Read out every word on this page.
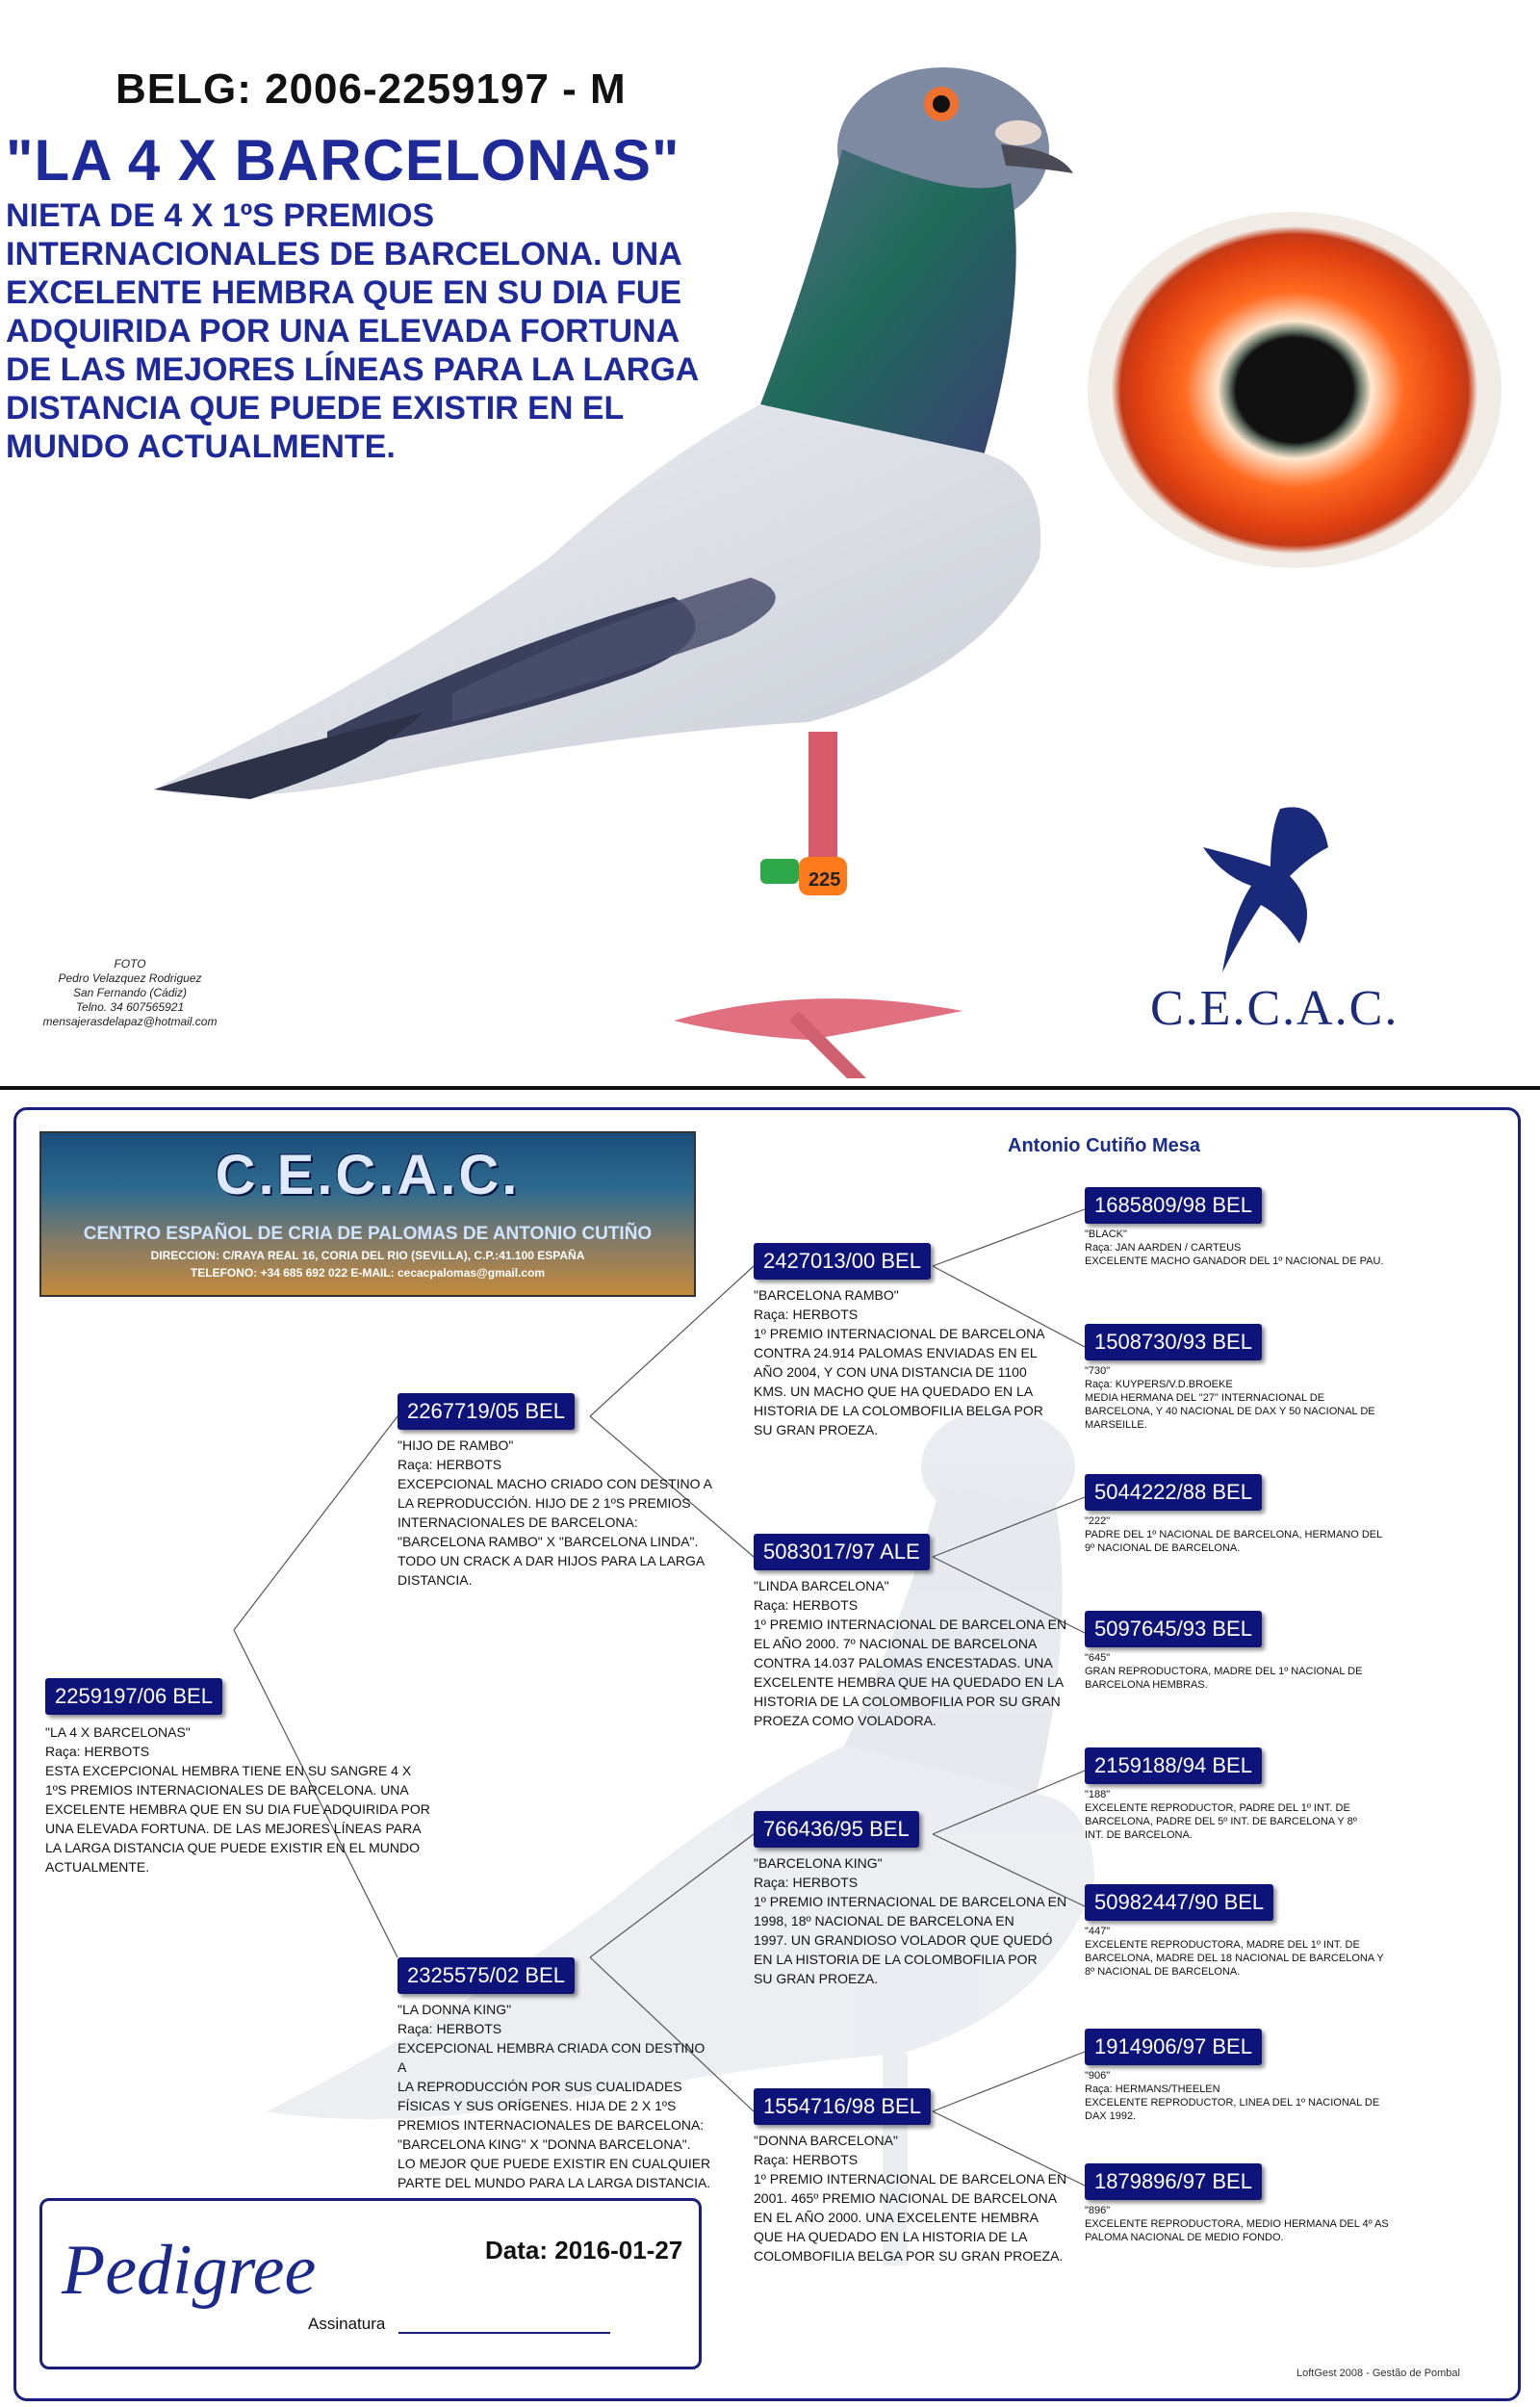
BELG: 2006-2259197 - M
"LA 4 X BARCELONAS"
NIETA DE 4 X 1ºS PREMIOS
INTERNACIONALES DE BARCELONA. UNA
EXCELENTE HEMBRA QUE EN SU DIA FUE
ADQUIRIDA POR UNA ELEVADA FORTUNA
DE LAS MEJORES LÍNEAS PARA LA LARGA
DISTANCIA QUE PUEDE EXISTIR EN EL
MUNDO ACTUALMENTE.
225
C.E.C.A.C.
FOTO
Pedro Velazquez Rodriguez
San Fernando (Cádiz)
Telno. 34 607565921
mensajerasdelapaz@hotmail.com
C.E.C.A.C.
CENTRO ESPAÑOL DE CRIA DE PALOMAS DE ANTONIO CUTIÑO
DIRECCION: C/RAYA REAL 16, CORIA DEL RIO (SEVILLA), C.P.:41.100 ESPAÑA
TELEFONO: +34 685 692 022 E-MAIL: cecacpalomas@gmail.com
Antonio Cutiño Mesa
2259197/06 BEL
"LA 4 X BARCELONAS"
Raça: HERBOTS
ESTA EXCEPCIONAL HEMBRA TIENE EN SU SANGRE 4 X
1ºS PREMIOS INTERNACIONALES DE BARCELONA. UNA
EXCELENTE HEMBRA QUE EN SU DIA FUE ADQUIRIDA POR
UNA ELEVADA FORTUNA. DE LAS MEJORES LÍNEAS PARA
LA LARGA DISTANCIA QUE PUEDE EXISTIR EN EL MUNDO
ACTUALMENTE.
2267719/05 BEL
"HIJO DE RAMBO"
Raça: HERBOTS
EXCEPCIONAL MACHO CRIADO CON DESTINO A
LA REPRODUCCIÓN. HIJO DE 2 1ºS PREMIOS
INTERNACIONALES DE BARCELONA:
"BARCELONA RAMBO" X "BARCELONA LINDA".
TODO UN CRACK A DAR HIJOS PARA LA LARGA
DISTANCIA.
2325575/02 BEL
"LA DONNA KING"
Raça: HERBOTS
EXCEPCIONAL HEMBRA CRIADA CON DESTINO A
LA REPRODUCCIÓN POR SUS CUALIDADES
FÍSICAS Y SUS ORÍGENES. HIJA DE 2 X 1ºS
PREMIOS INTERNACIONALES DE BARCELONA:
"BARCELONA KING" X "DONNA BARCELONA".
LO MEJOR QUE PUEDE EXISTIR EN CUALQUIER
PARTE DEL MUNDO PARA LA LARGA DISTANCIA.
2427013/00 BEL
"BARCELONA RAMBO"
Raça: HERBOTS
1º PREMIO INTERNACIONAL DE BARCELONA
CONTRA 24.914 PALOMAS ENVIADAS EN EL
AÑO 2004, Y CON UNA DISTANCIA DE 1100
KMS. UN MACHO QUE HA QUEDADO EN LA
HISTORIA DE LA COLOMBOFILIA BELGA POR
SU GRAN PROEZA.
5083017/97 ALE
"LINDA BARCELONA"
Raça: HERBOTS
1º PREMIO INTERNACIONAL DE BARCELONA EN
EL AÑO 2000. 7º NACIONAL DE BARCELONA
CONTRA 14.037 PALOMAS ENCESTADAS. UNA
EXCELENTE HEMBRA QUE HA QUEDADO EN LA
HISTORIA DE LA COLOMBOFILIA POR SU GRAN
PROEZA COMO VOLADORA.
766436/95 BEL
"BARCELONA KING"
Raça: HERBOTS
1º PREMIO INTERNACIONAL DE BARCELONA EN
1998, 18º NACIONAL DE BARCELONA EN
1997. UN GRANDIOSO VOLADOR QUE QUEDÓ
EN LA HISTORIA DE LA COLOMBOFILIA POR
SU GRAN PROEZA.
1554716/98 BEL
"DONNA BARCELONA"
Raça: HERBOTS
1º PREMIO INTERNACIONAL DE BARCELONA EN
2001. 465º PREMIO NACIONAL DE BARCELONA
EN EL AÑO 2000. UNA EXCELENTE HEMBRA
QUE HA QUEDADO EN LA HISTORIA DE LA
COLOMBOFILIA BELGA POR SU GRAN PROEZA.
1685809/98 BEL
"BLACK"
Raça: JAN AARDEN / CARTEUS
EXCELENTE MACHO GANADOR DEL 1º NACIONAL DE PAU.
1508730/93 BEL
"730"
Raça: KUYPERS/V.D.BROEKE
MEDIA HERMANA DEL "27" INTERNACIONAL DE
BARCELONA, Y 40 NACIONAL DE DAX Y 50 NACIONAL DE
MARSEILLE.
5044222/88 BEL
"222"
PADRE DEL 1º NACIONAL DE BARCELONA, HERMANO DEL
9º NACIONAL DE BARCELONA.
5097645/93 BEL
"645"
GRAN REPRODUCTORA, MADRE DEL 1º NACIONAL DE
BARCELONA HEMBRAS.
2159188/94 BEL
"188"
EXCELENTE REPRODUCTOR, PADRE DEL 1º INT. DE
BARCELONA, PADRE DEL 5º INT. DE BARCELONA Y 8º
INT. DE BARCELONA.
50982447/90 BEL
"447"
EXCELENTE REPRODUCTORA, MADRE DEL 1º INT. DE
BARCELONA, MADRE DEL 18 NACIONAL DE BARCELONA Y
8º NACIONAL DE BARCELONA.
1914906/97 BEL
"906"
Raça: HERMANS/THEELEN
EXCELENTE REPRODUCTOR, LINEA DEL 1º NACIONAL DE
DAX 1992.
1879896/97 BEL
"896"
EXCELENTE REPRODUCTORA, MEDIO HERMANA DEL 4º AS
PALOMA NACIONAL DE MEDIO FONDO.
Pedigree	Data: 2016-01-27
Assinatura
LoftGest 2008 - Gestão de Pombal
